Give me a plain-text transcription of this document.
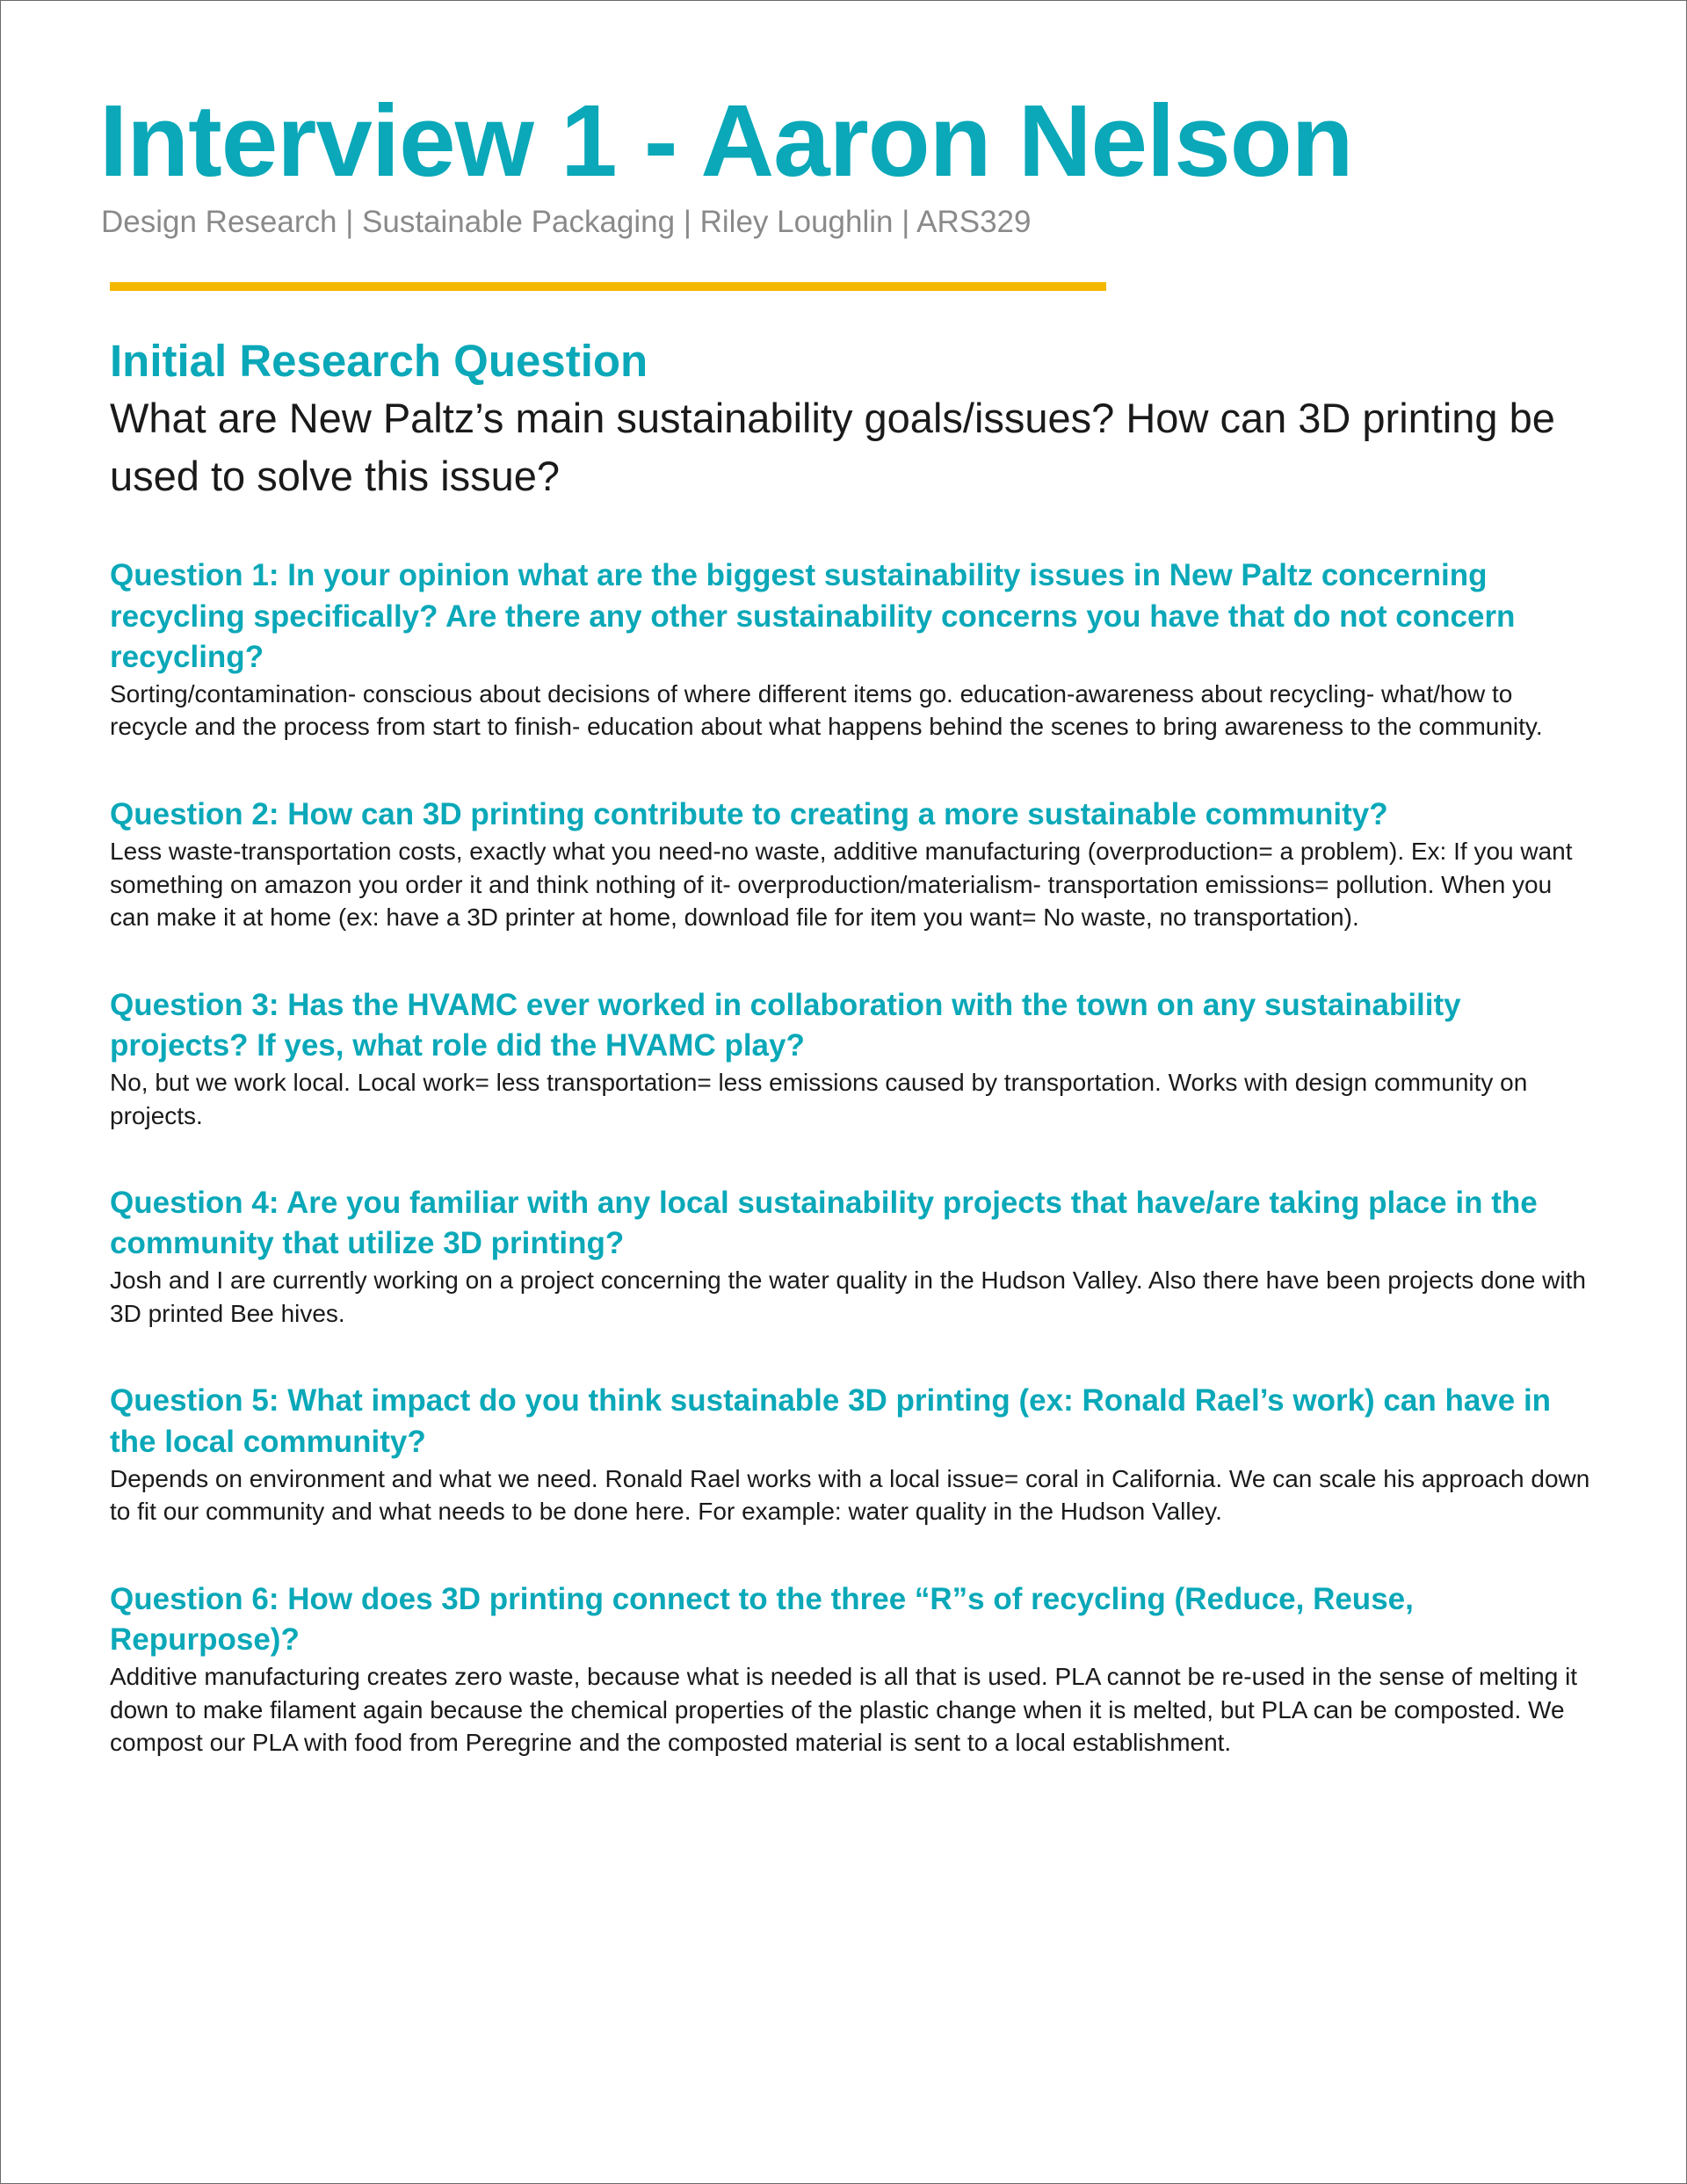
Interview 1 - Aaron Nelson
Design Research | Sustainable Packaging | Riley Loughlin | ARS329
Initial Research Question

What are New Paltz’s main sustainability goals/issues? How can 3D printing be used to solve this issue?

Question 1: In your opinion what are the biggest sustainability issues in New Paltz concerning recycling specifically? Are there any other sustainability concerns you have that do not concern recycling?

Sorting/contamination- conscious about decisions of where different items go. education-awareness about recycling- what/how to recycle and the process from start to finish- education about what happens behind the scenes to bring awareness to the community.

Question 2: How can 3D printing contribute to creating a more sustainable community?

Less waste-transportation costs, exactly what you need-no waste, additive manufacturing (overproduction= a problem). Ex: If you want something on amazon you order it and think nothing of it- overproduction/materialism- transportation emissions= pollution. When you can make it at home (ex: have a 3D printer at home, download file for item you want= No waste, no transportation).

Question 3: Has the HVAMC ever worked in collaboration with the town on any sustainability projects? If yes, what role did the HVAMC play?

No, but we work local. Local work= less transportation= less emissions caused by transportation. Works with design community on projects.

Question 4: Are you familiar with any local sustainability projects that have/are taking place in the community that utilize 3D printing?

Josh and I are currently working on a project concerning the water quality in the Hudson Valley. Also there have been projects done with 3D printed Bee hives.

Question 5: What impact do you think sustainable 3D printing (ex: Ronald Rael’s work) can have in the local community?

Depends on environment and what we need. Ronald Rael works with a local issue= coral in California. We can scale his approach down to fit our community and what needs to be done here. For example: water quality in the Hudson Valley.

Question 6: How does 3D printing connect to the three “R”s of recycling (Reduce, Reuse, Repurpose)?

Additive manufacturing creates zero waste, because what is needed is all that is used. PLA cannot be re-used in the sense of melting it down to make filament again because the chemical properties of the plastic change when it is melted, but PLA can be composted. We compost our PLA with food from Peregrine and the composted material is sent to a local establishment.
